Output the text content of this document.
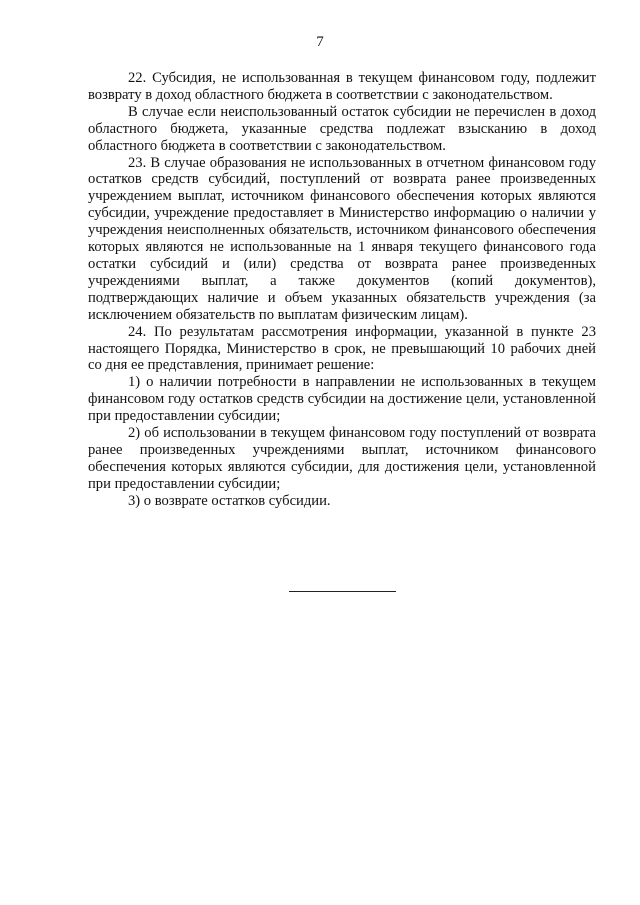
7

22. Субсидия, не использованная в текущем финансовом году, подлежит возврату в доход областного бюджета в соответствии с законодательством.

В случае если неиспользованный остаток субсидии не перечислен в доход областного бюджета, указанные средства подлежат взысканию в доход областного бюджета в соответствии с законодательством.

23. В случае образования не использованных в отчетном финансовом году остатков средств субсидий, поступлений от возврата ранее произведенных учреждением выплат, источником финансового обеспечения которых являются субсидии, учреждение предоставляет в Министерство информацию о наличии у учреждения неисполненных обязательств, источником финансового обеспечения которых являются не использованные на 1 января текущего финансового года остатки субсидий и (или) средства от возврата ранее произведенных учреждениями выплат, а также документов (копий документов), подтверждающих наличие и объем указанных обязательств учреждения (за исключением обязательств по выплатам физическим лицам).

24. По результатам рассмотрения информации, указанной в пункте 23 настоящего Порядка, Министерство в срок, не превышающий 10 рабочих дней со дня ее представления, принимает решение:

1) о наличии потребности в направлении не использованных в текущем финансовом году остатков средств субсидии на достижение цели, установленной при предоставлении субсидии;

2) об использовании в текущем финансовом году поступлений от возврата ранее произведенных учреждениями выплат, источником финансового обеспечения которых являются субсидии, для достижения цели, установленной при предоставлении субсидии;

3) о возврате остатков субсидии.
